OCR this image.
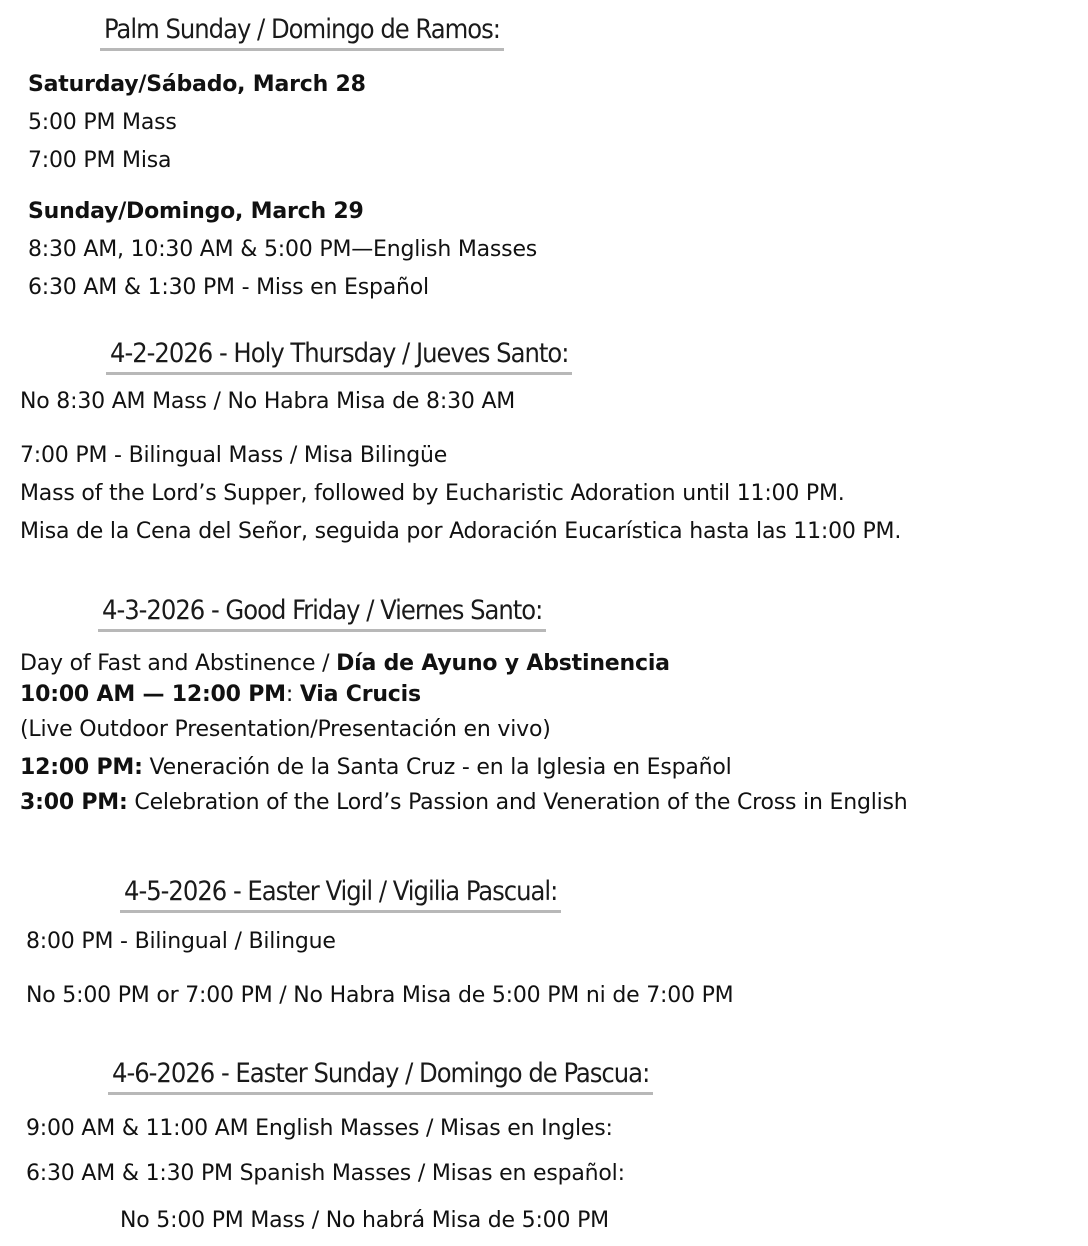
Palm Sunday / Domingo de Ramos:
Saturday/Sábado, March 28
5:00 PM Mass
7:00 PM Misa
Sunday/Domingo, March 29
8:30 AM, 10:30 AM & 5:00 PM—English Masses
6:30 AM & 1:30 PM - Miss en Español
4-2-2026 - Holy Thursday / Jueves Santo:
No 8:30 AM Mass / No Habra Misa de 8:30 AM
7:00 PM - Bilingual Mass / Misa Bilingüe
Mass of the Lord’s Supper, followed by Eucharistic Adoration until 11:00 PM.
Misa de la Cena del Señor, seguida por Adoración Eucarística hasta las 11:00 PM.
4-3-2026 - Good Friday / Viernes Santo:
Day of Fast and Abstinence / Día de Ayuno y Abstinencia
10:00 AM — 12:00 PM: Via Crucis
(Live Outdoor Presentation/Presentación en vivo)
12:00 PM: Veneración de la Santa Cruz - en la Iglesia en Español
3:00 PM: Celebration of the Lord’s Passion and Veneration of the Cross in English
4-5-2026 - Easter Vigil / Vigilia Pascual:
8:00 PM - Bilingual / Bilingue
No 5:00 PM or 7:00 PM / No Habra Misa de 5:00 PM ni de 7:00 PM
4-6-2026 - Easter Sunday / Domingo de Pascua:
9:00 AM & 11:00 AM English Masses / Misas en Ingles:
6:30 AM & 1:30 PM Spanish Masses / Misas en español:
No 5:00 PM Mass / No habrá Misa de 5:00 PM
